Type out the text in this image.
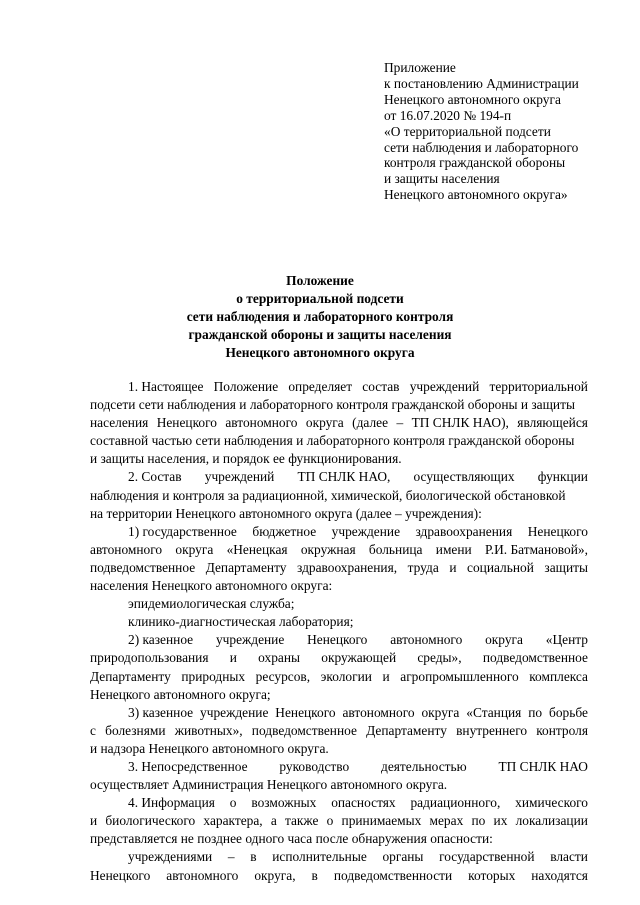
Приложение
к постановлению Администрации
Ненецкого автономного округа
от 16.07.2020 № 194-п
«О территориальной подсети
сети наблюдения и лабораторного
контроля гражданской обороны
и защиты населения
Ненецкого автономного округа»
Положение
о территориальной подсети
сети наблюдения и лабораторного контроля
гражданской обороны и защиты населения
Ненецкого автономного округа
1. Настоящее Положение определяет состав учреждений территориальной
подсети сети наблюдения и лабораторного контроля гражданской обороны и защиты
населения Ненецкого автономного округа (далее – ТП СНЛК НАО), являющейся
составной частью сети наблюдения и лабораторного контроля гражданской обороны
и защиты населения, и порядок ее функционирования.
2. Состав учреждений ТП СНЛК НАО, осуществляющих функции
наблюдения и контроля за радиационной, химической, биологической обстановкой
на территории Ненецкого автономного округа (далее – учреждения):
1) государственное бюджетное учреждение здравоохранения Ненецкого
автономного округа «Ненецкая окружная больница имени Р.И. Батмановой»,
подведомственное Департаменту здравоохранения, труда и социальной защиты
населения Ненецкого автономного округа:
эпидемиологическая служба;
клинико-диагностическая лаборатория;
2) казенное учреждение Ненецкого автономного округа «Центр
природопользования и охраны окружающей среды», подведомственное
Департаменту природных ресурсов, экологии и агропромышленного комплекса
Ненецкого автономного округа;
3) казенное учреждение Ненецкого автономного округа «Станция по борьбе
с болезнями животных», подведомственное Департаменту внутреннего контроля
и надзора Ненецкого автономного округа.
3. Непосредственное руководство деятельностью ТП СНЛК НАО
осуществляет Администрация Ненецкого автономного округа.
4. Информация о возможных опасностях радиационного, химического
и биологического характера, а также о принимаемых мерах по их локализации
представляется не позднее одного часа после обнаружения опасности:
учреждениями – в исполнительные органы государственной власти
Ненецкого автономного округа, в подведомственности которых находятся
